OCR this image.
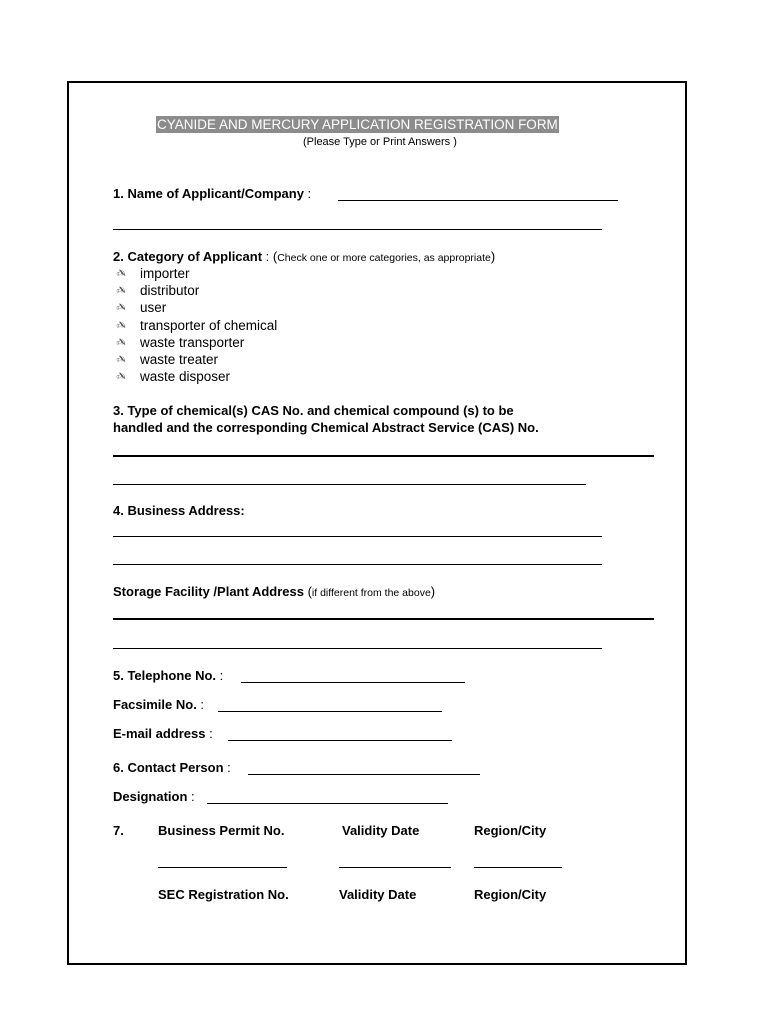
CYANIDE AND MERCURY APPLICATION REGISTRATION FORM
(Please Type or Print Answers )
1. Name of Applicant/Company :
2. Category of Applicant : (Check one or more categories, as appropriate)
✍ importer
✍ distributor
✍ user
✍ transporter of chemical
✍ waste transporter
✍ waste treater
✍ waste disposer
3. Type of chemical(s) CAS No. and chemical compound (s) to be
handled and the corresponding Chemical Abstract Service (CAS) No.
4. Business Address:
Storage Facility /Plant Address (if different from the above)
5. Telephone No. :
Facsimile No. :
E-mail address :
6. Contact Person :
Designation :
7.	Business Permit No.	Validity Date	Region/City
SEC Registration No.	Validity Date	Region/City
